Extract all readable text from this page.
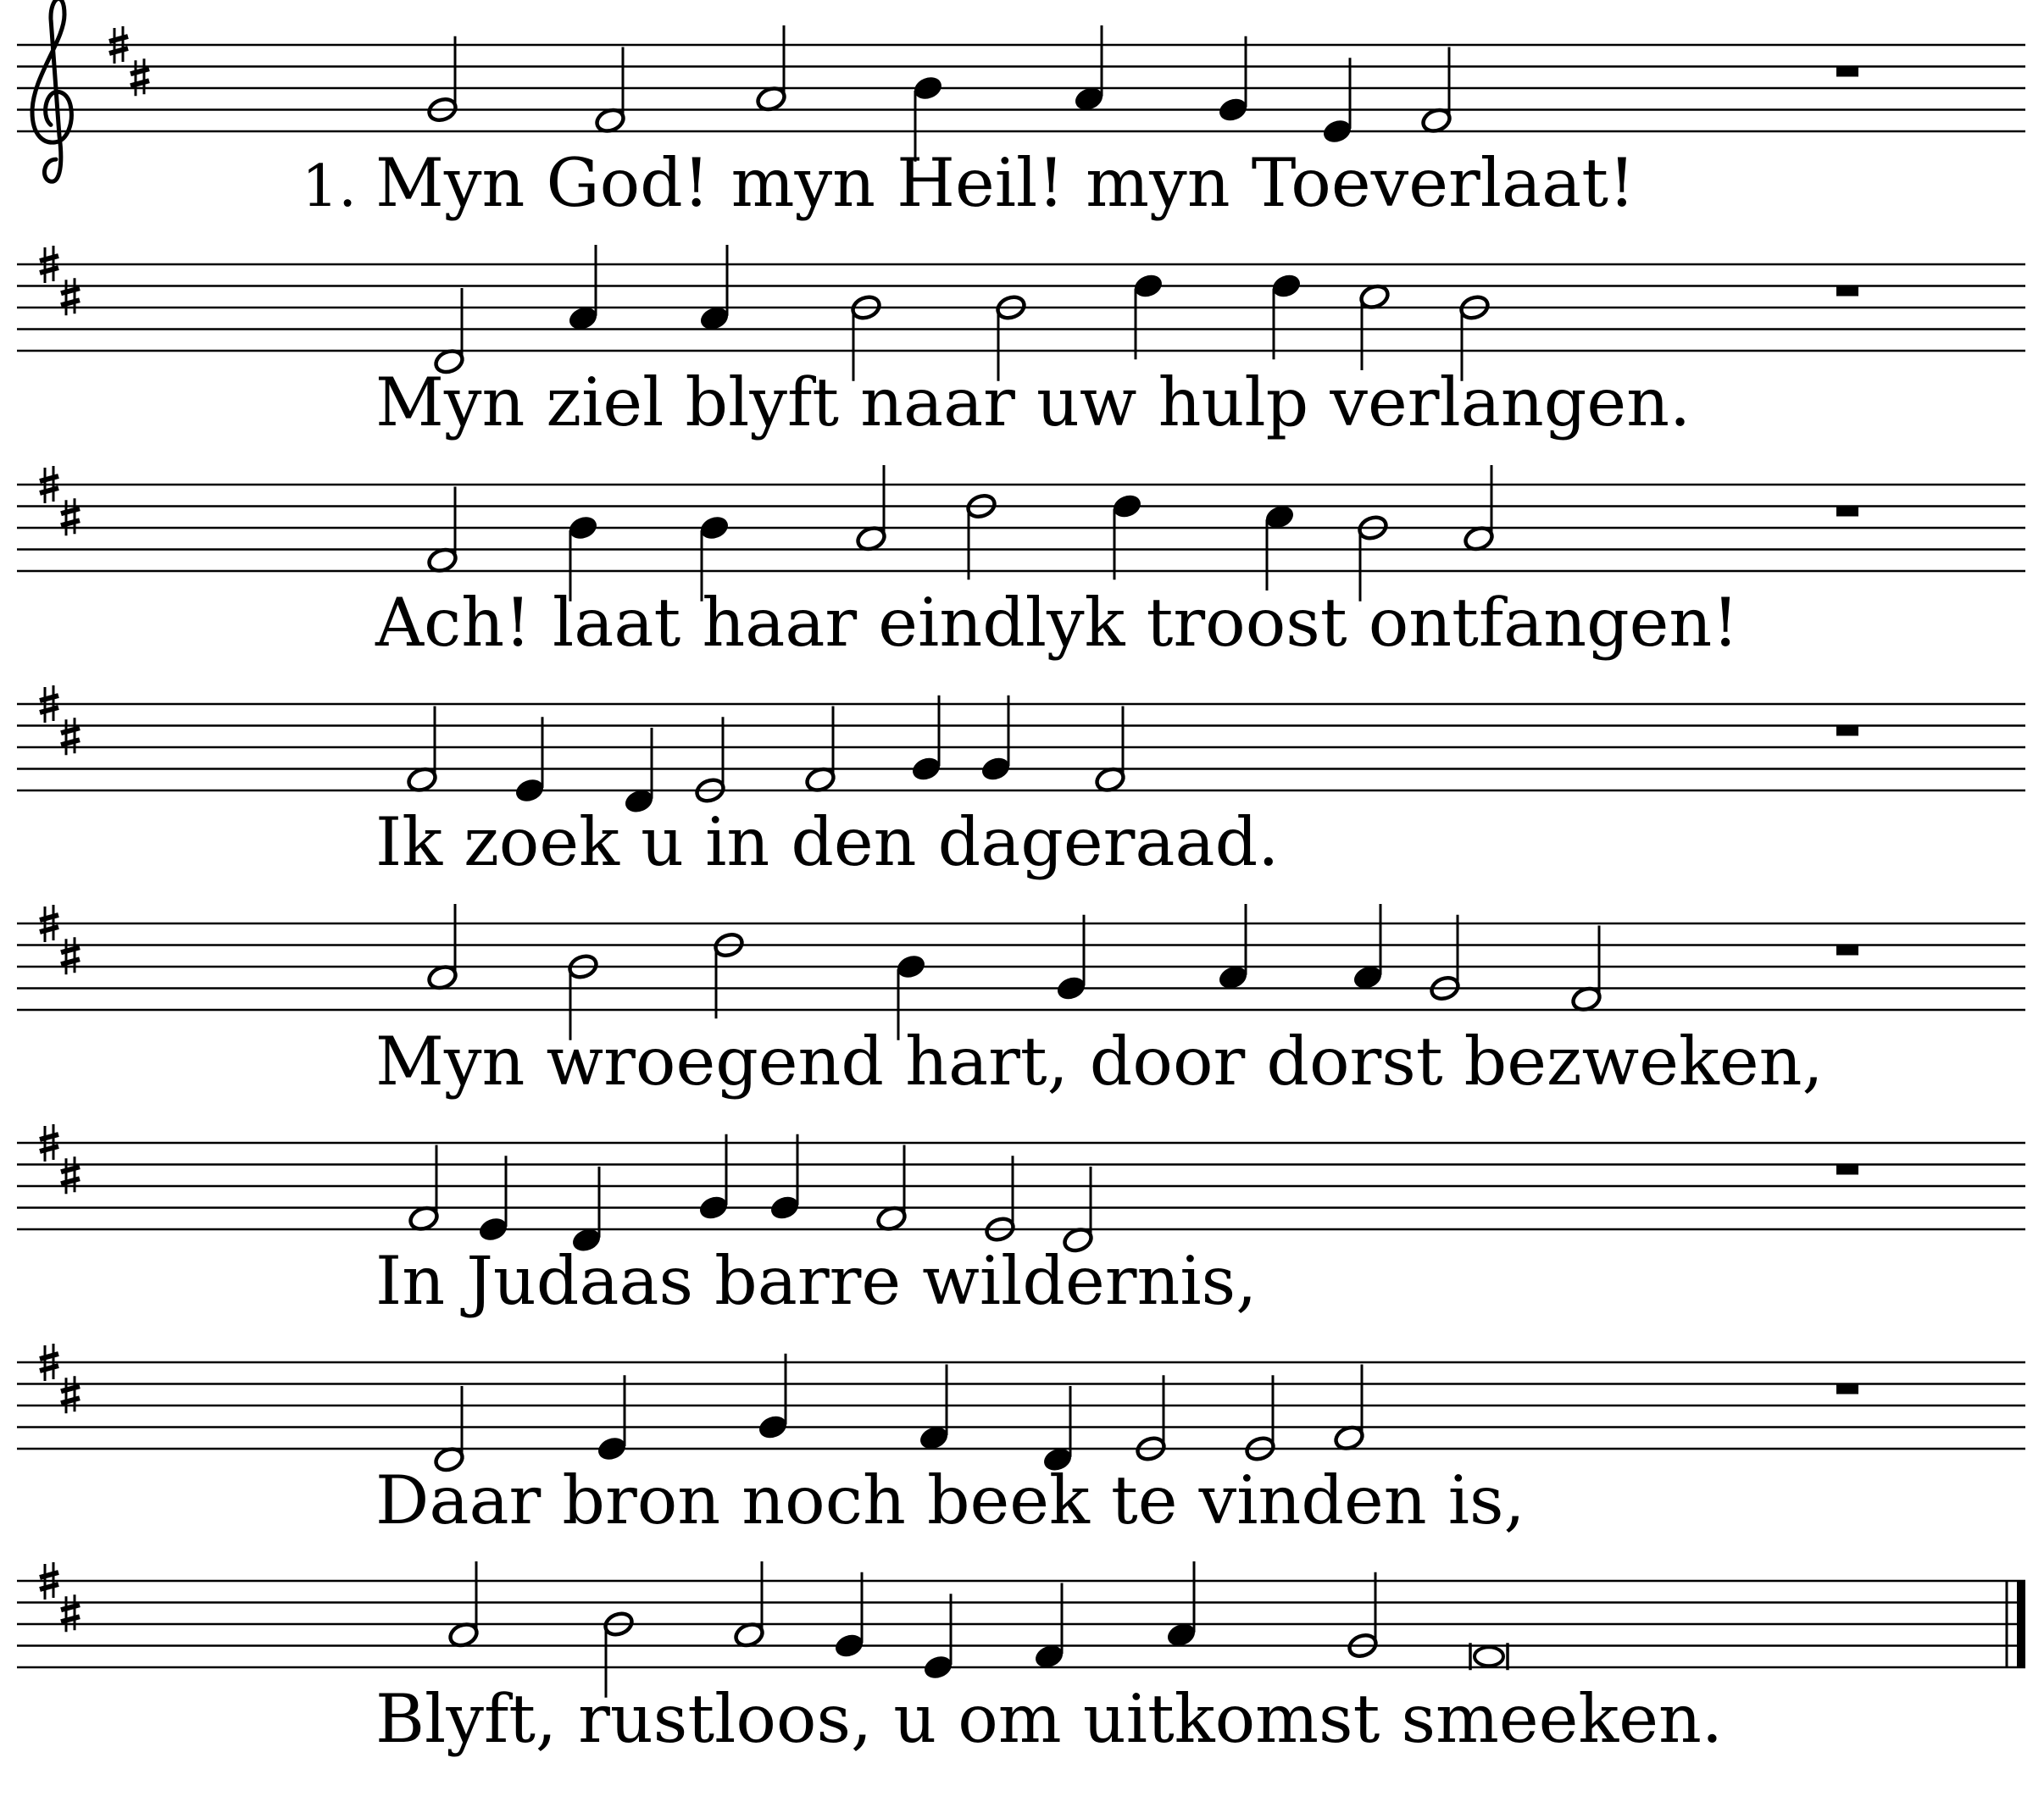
1. Myn God! myn Heil! myn Toeverlaat!
Myn ziel blyft naar uw hulp verlangen.
Ach! laat haar eindlyk troost ontfangen!
Ik zoek u in den dageraad.
Myn wroegend hart, door dorst bezweken,
In Judaas barre wildernis,
Daar bron noch beek te vinden is,
Blyft, rustloos, u om uitkomst smeeken.
